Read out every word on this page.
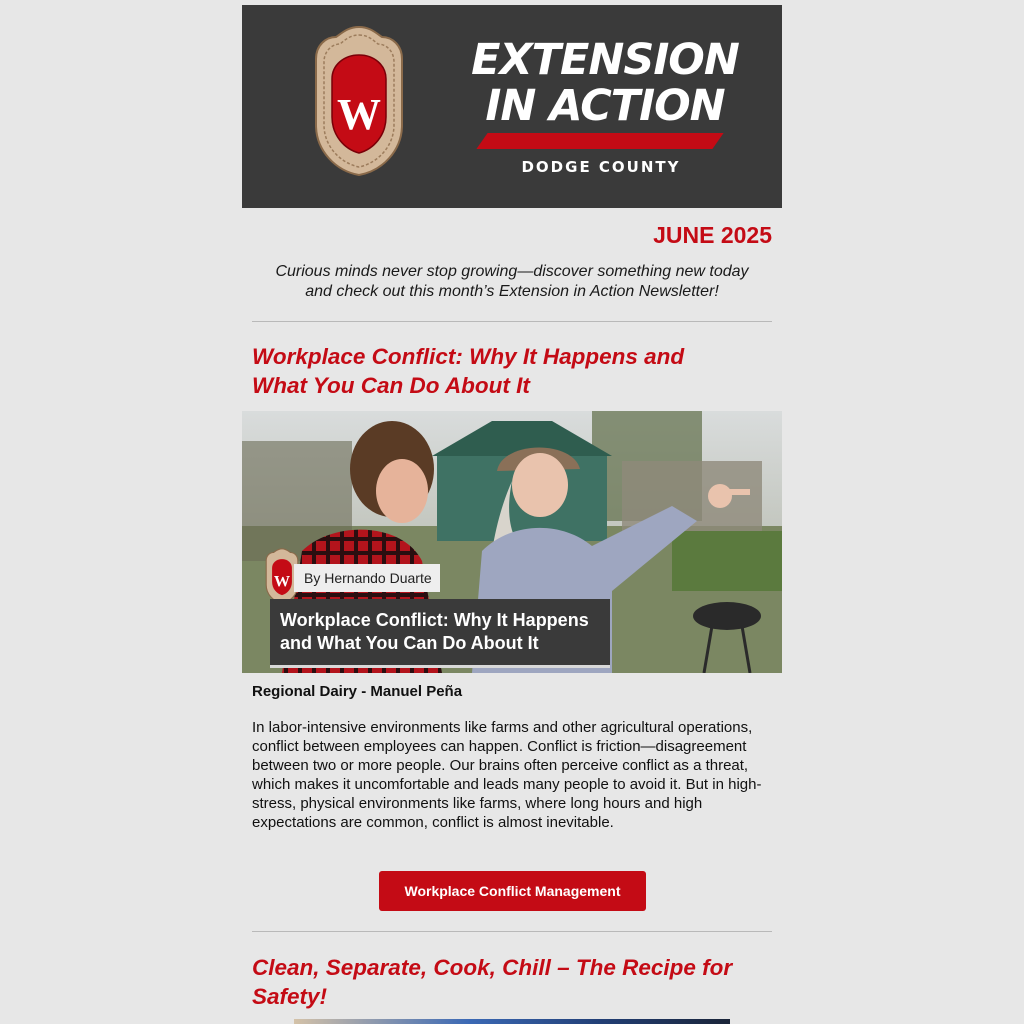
W
EXTENSION
IN ACTION
DODGE COUNTY
JUNE 2025
Curious minds never stop growing—discover something new today
and check out this month’s Extension in Action Newsletter!
Workplace Conflict: Why It Happens and
What You Can Do About It
W By Hernando Duarte
Workplace Conflict: Why It Happens
and What You Can Do About It
Regional Dairy - Manuel Peña
In labor-intensive environments like farms and other agricultural operations, conflict between employees can happen. Conflict is friction—disagreement between two or more people. Our brains often perceive conflict as a threat, which makes it uncomfortable and leads many people to avoid it. But in high-stress, physical environments like farms, where long hours and high expectations are common, conflict is almost inevitable.
Workplace Conflict Management
Clean, Separate, Cook, Chill – The Recipe for
Safety!
